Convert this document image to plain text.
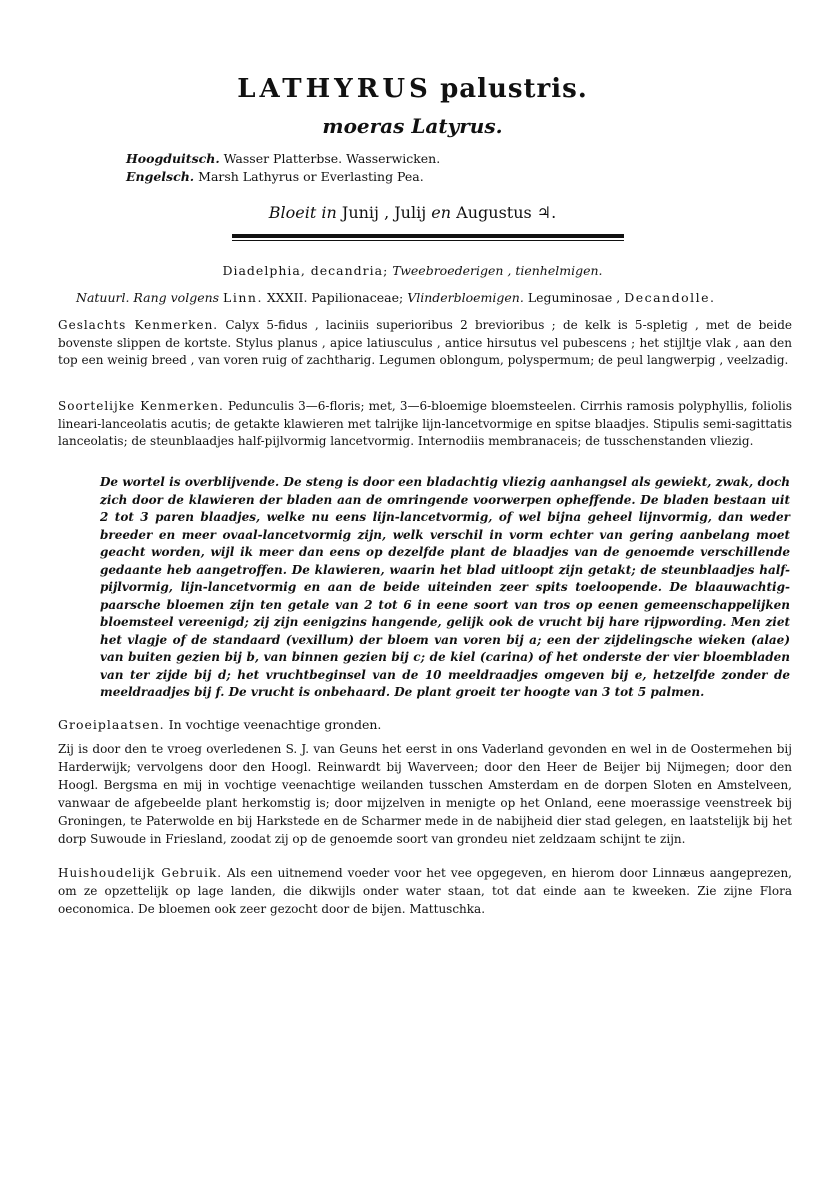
LATHYRUS palustris.
moeras Latyrus.
Hoogduitsch. Wasser Platterbse. Wasserwicken.
Engelsch. Marsh Lathyrus or Everlasting Pea.
Bloeit in Junij , Julij en Augustus ♃.
Diadelphia, decandria; Tweebroederigen , tienhelmigen.
Natuurl. Rang volgens Linn. XXXII. Papilionaceae; Vlinderbloemigen. Leguminosae , Decandolle.

Geslachts Kenmerken. Calyx 5-fidus , laciniis superioribus 2 brevioribus ; de kelk is 5-spletig , met de beide bovenste slippen de kortste. Stylus planus , apice latiusculus , antice hirsutus vel pubescens ; het stijltje vlak , aan den top een weinig breed , van voren ruig of zachtharig. Legumen oblongum, polyspermum; de peul langwerpig , veelzadig.

Soortelijke Kenmerken. Pedunculis 3—6-floris; met, 3—6-bloemige bloemsteelen. Cirrhis ramosis polyphyllis, foliolis lineari-lanceolatis acutis; de getakte klawieren met talrijke lijn-lancetvormige en spitse blaadjes. Stipulis semi-sagittatis lanceolatis; de steunblaadjes half-pijlvormig lancetvormig. Internodiis membranaceis; de tusschenstanden vliezig.

De wortel is overblijvende. De steng is door een bladachtig vliezig aanhangsel als gewiekt, zwak, doch zich door de klawieren der bladen aan de omringende voorwerpen opheffende. De bladen bestaan uit 2 tot 3 paren blaadjes, welke nu eens lijn-lancetvormig, of wel bijna geheel lijnvormig, dan weder breeder en meer ovaal-lancetvormig zijn, welk verschil in vorm echter van gering aanbelang moet geacht worden, wijl ik meer dan eens op dezelfde plant de blaadjes van de genoemde verschillende gedaante heb aangetroffen. De klawieren, waarin het blad uitloopt zijn getakt; de steunblaadjes half-pijlvormig, lijn-lancetvormig en aan de beide uiteinden zeer spits toeloopende. De blaauwachtig-paarsche bloemen zijn ten getale van 2 tot 6 in eene soort van tros op eenen gemeenschappelijken bloemsteel vereenigd; zij zijn eenigzins hangende, gelijk ook de vrucht bij hare rijpwording. Men ziet het vlagje of de standaard (vexillum) der bloem van voren bij a; een der zijdelingsche wieken (alae) van buiten gezien bij b, van binnen gezien bij c; de kiel (carina) of het onderste der vier bloembladen van ter zijde bij d; het vruchtbeginsel van de 10 meeldraadjes omgeven bij e, hetzelfde zonder de meeldraadjes bij f. De vrucht is onbehaard. De plant groeit ter hoogte van 3 tot 5 palmen.

Groeiplaatsen. In vochtige veenachtige gronden.

Zij is door den te vroeg overledenen S. J. van Geuns het eerst in ons Vaderland gevonden en wel in de Oostermehen bij Harderwijk; vervolgens door den Hoogl. Reinwardt bij Waverveen; door den Heer de Beijer bij Nijmegen; door den Hoogl. Bergsma en mij in vochtige veenachtige weilanden tusschen Amsterdam en de dorpen Sloten en Amstelveen, vanwaar de afgebeelde plant herkomstig is; door mijzelven in menigte op het Onland, eene moerassige veenstreek bij Groningen, te Paterwolde en bij Harkstede en de Scharmer mede in de nabijheid dier stad gelegen, en laatstelijk bij het dorp Suwoude in Friesland, zoodat zij op de genoemde soort van grondeu niet zeldzaam schijnt te zijn.

Huishoudelijk Gebruik. Als een uitnemend voeder voor het vee opgegeven, en hierom door Linnæus aangeprezen, om ze opzettelijk op lage landen, die dikwijls onder water staan, tot dat einde aan te kweeken. Zie zijne Flora oeconomica. De bloemen ook zeer gezocht door de bijen. Mattuschka.
